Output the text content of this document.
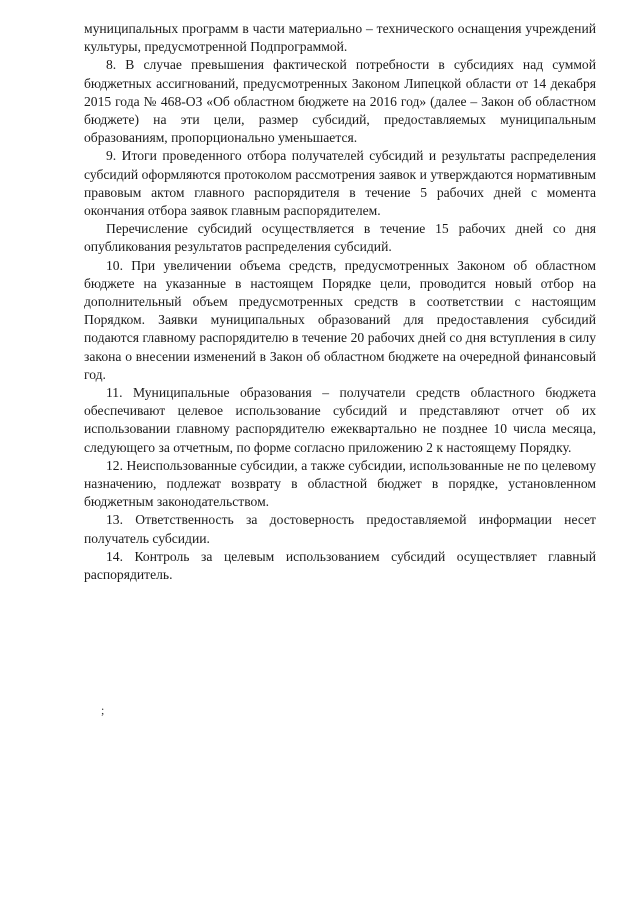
муниципальных программ в части материально – технического оснащения учреждений культуры, предусмотренной Подпрограммой.

8. В случае превышения фактической потребности в субсидиях над суммой бюджетных ассигнований, предусмотренных Законом Липецкой области от 14 декабря 2015 года № 468-ОЗ «Об областном бюджете на 2016 год» (далее – Закон об областном бюджете) на эти цели, размер субсидий, предоставляемых муниципальным образованиям, пропорционально уменьшается.

9. Итоги проведенного отбора получателей субсидий и результаты распределения субсидий оформляются протоколом рассмотрения заявок и утверждаются нормативным правовым актом главного распорядителя в течение 5 рабочих дней с момента окончания отбора заявок главным распорядителем.

Перечисление субсидий осуществляется в течение 15 рабочих дней со дня опубликования результатов распределения субсидий.

10. При увеличении объема средств, предусмотренных Законом об областном бюджете на указанные в настоящем Порядке цели, проводится новый отбор на дополнительный объем предусмотренных средств в соответствии с настоящим Порядком. Заявки муниципальных образований для предоставления субсидий подаются главному распорядителю в течение 20 рабочих дней со дня вступления в силу закона о внесении изменений в Закон об областном бюджете на очередной финансовый год.

11. Муниципальные образования – получатели средств областного бюджета обеспечивают целевое использование субсидий и представляют отчет об их использовании главному распорядителю ежеквартально не позднее 10 числа месяца, следующего за отчетным, по форме согласно приложению 2 к настоящему Порядку.

12. Неиспользованные субсидии, а также субсидии, использованные не по целевому назначению, подлежат возврату в областной бюджет в порядке, установленном бюджетным законодательством.

13. Ответственность за достоверность предоставляемой информации несет получатель субсидии.

14. Контроль за целевым использованием субсидий осуществляет главный распорядитель.

;
